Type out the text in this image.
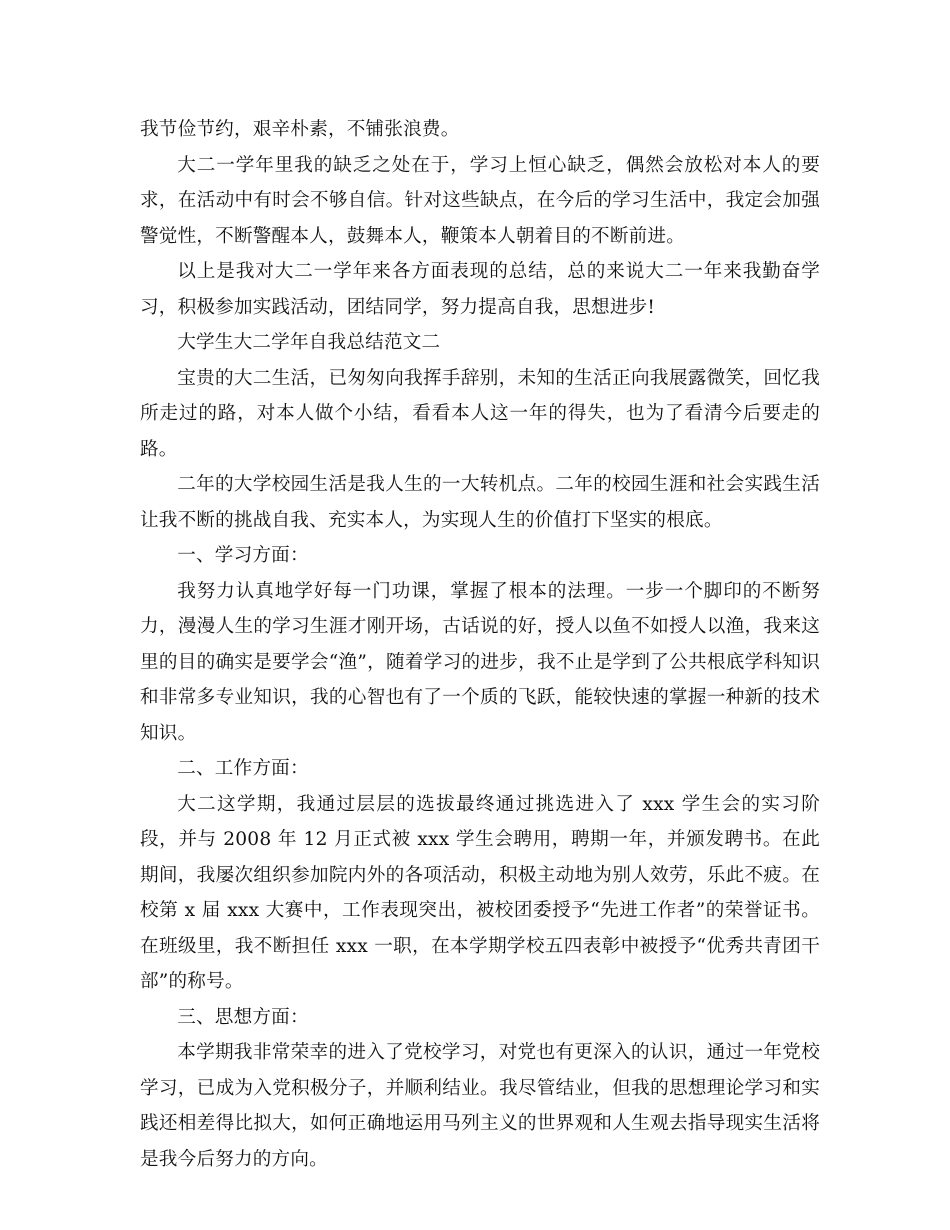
我节俭节约，艰辛朴素，不铺张浪费。

大二一学年里我的缺乏之处在于，学习上恒心缺乏，偶然会放松对本人的要求，在活动中有时会不够自信。针对这些缺点，在今后的学习生活中，我定会加强警觉性，不断警醒本人，鼓舞本人，鞭策本人朝着目的不断前进。

以上是我对大二一学年来各方面表现的总结，总的来说大二一年来我勤奋学习，积极参加实践活动，团结同学，努力提高自我，思想进步!

大学生大二学年自我总结范文二

宝贵的大二生活，已匆匆向我挥手辞别，未知的生活正向我展露微笑，回忆我所走过的路，对本人做个小结，看看本人这一年的得失，也为了看清今后要走的路。

二年的大学校园生活是我人生的一大转机点。二年的校园生涯和社会实践生活让我不断的挑战自我、充实本人，为实现人生的价值打下坚实的根底。

一、学习方面：

我努力认真地学好每一门功课，掌握了根本的法理。一步一个脚印的不断努力，漫漫人生的学习生涯才刚开场，古话说的好，授人以鱼不如授人以渔，我来这里的目的确实是要学会“渔”，随着学习的进步，我不止是学到了公共根底学科知识和非常多专业知识，我的心智也有了一个质的飞跃，能较快速的掌握一种新的技术知识。

二、工作方面：

大二这学期，我通过层层的选拔最终通过挑选进入了 xxx 学生会的实习阶段，并与 2008 年 12 月正式被 xxx 学生会聘用，聘期一年，并颁发聘书。在此期间，我屡次组织参加院内外的各项活动，积极主动地为别人效劳，乐此不疲。在校第 x 届 xxx 大赛中，工作表现突出，被校团委授予“先进工作者”的荣誉证书。在班级里，我不断担任 xxx 一职，在本学期学校五四表彰中被授予“优秀共青团干部”的称号。

三、思想方面：

本学期我非常荣幸的进入了党校学习，对党也有更深入的认识，通过一年党校学习，已成为入党积极分子，并顺利结业。我尽管结业，但我的思想理论学习和实践还相差得比拟大，如何正确地运用马列主义的世界观和人生观去指导现实生活将是我今后努力的方向。
